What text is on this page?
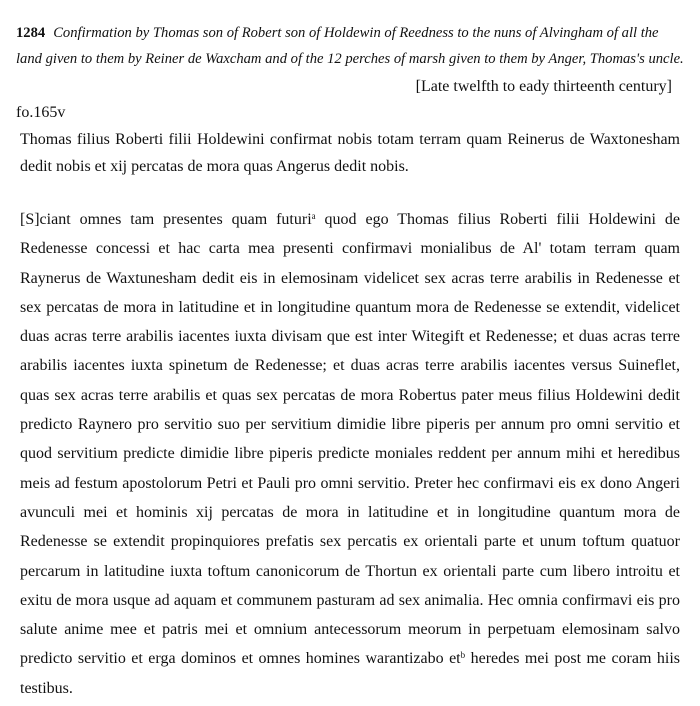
1284 Confirmation by Thomas son of Robert son of Holdewin of Reedness to the nuns of Alvingham of all the land given to them by Reiner de Waxcham and of the 12 perches of marsh given to them by Anger, Thomas's uncle.
[Late twelfth to eady thirteenth century]
fo.165v
Thomas filius Roberti filii Holdewini confirmat nobis totam terram quam Reinerus de Waxtonesham dedit nobis et xij percatas de mora quas Angerus dedit nobis.
[S]ciant omnes tam presentes quam futuri$^a$ quod ego Thomas filius Roberti filii Holdewini de Redenesse concessi et hac carta mea presenti confirmavi monialibus de Al' totam terram quam Raynerus de Waxtunesham dedit eis in elemosinam videlicet sex acras terre arabilis in Redenesse et sex percatas de mora in latitudine et in longitudine quantum mora de Redenesse se extendit, videlicet duas acras terre arabilis iacentes iuxta divisam que est inter Witegift et Redenesse; et duas acras terre arabilis iacentes iuxta spinetum de Redenesse; et duas acras terre arabilis iacentes versus Suineflet, quas sex acras terre arabilis et quas sex percatas de mora Robertus pater meus filius Holdewini dedit predicto Raynero pro servitio suo per servitium dimidie libre piperis per annum pro omni servitio et quod servitium predicte dimidie libre piperis predicte moniales reddent per annum mihi et heredibus meis ad festum apostolorum Petri et Pauli pro omni servitio. Preter hec confirmavi eis ex dono Angeri avunculi mei et hominis xij percatas de mora in latitudine et in longitudine quantum mora de Redenesse se extendit propinquiores prefatis sex percatis ex orientali parte et unum toftum quatuor percarum in latitudine iuxta toftum canonicorum de Thortun ex orientali parte cum libero introitu et exitu de mora usque ad aquam et communem pasturam ad sex animalia. Hec omnia confirmavi eis pro salute anime mee et patris mei et omnium antecessorum meorum in perpetuam elemosinam salvo predicto servitio et erga dominos et omnes homines warantizabo $et^b$ heredes mei post me coram hiis testibus.
